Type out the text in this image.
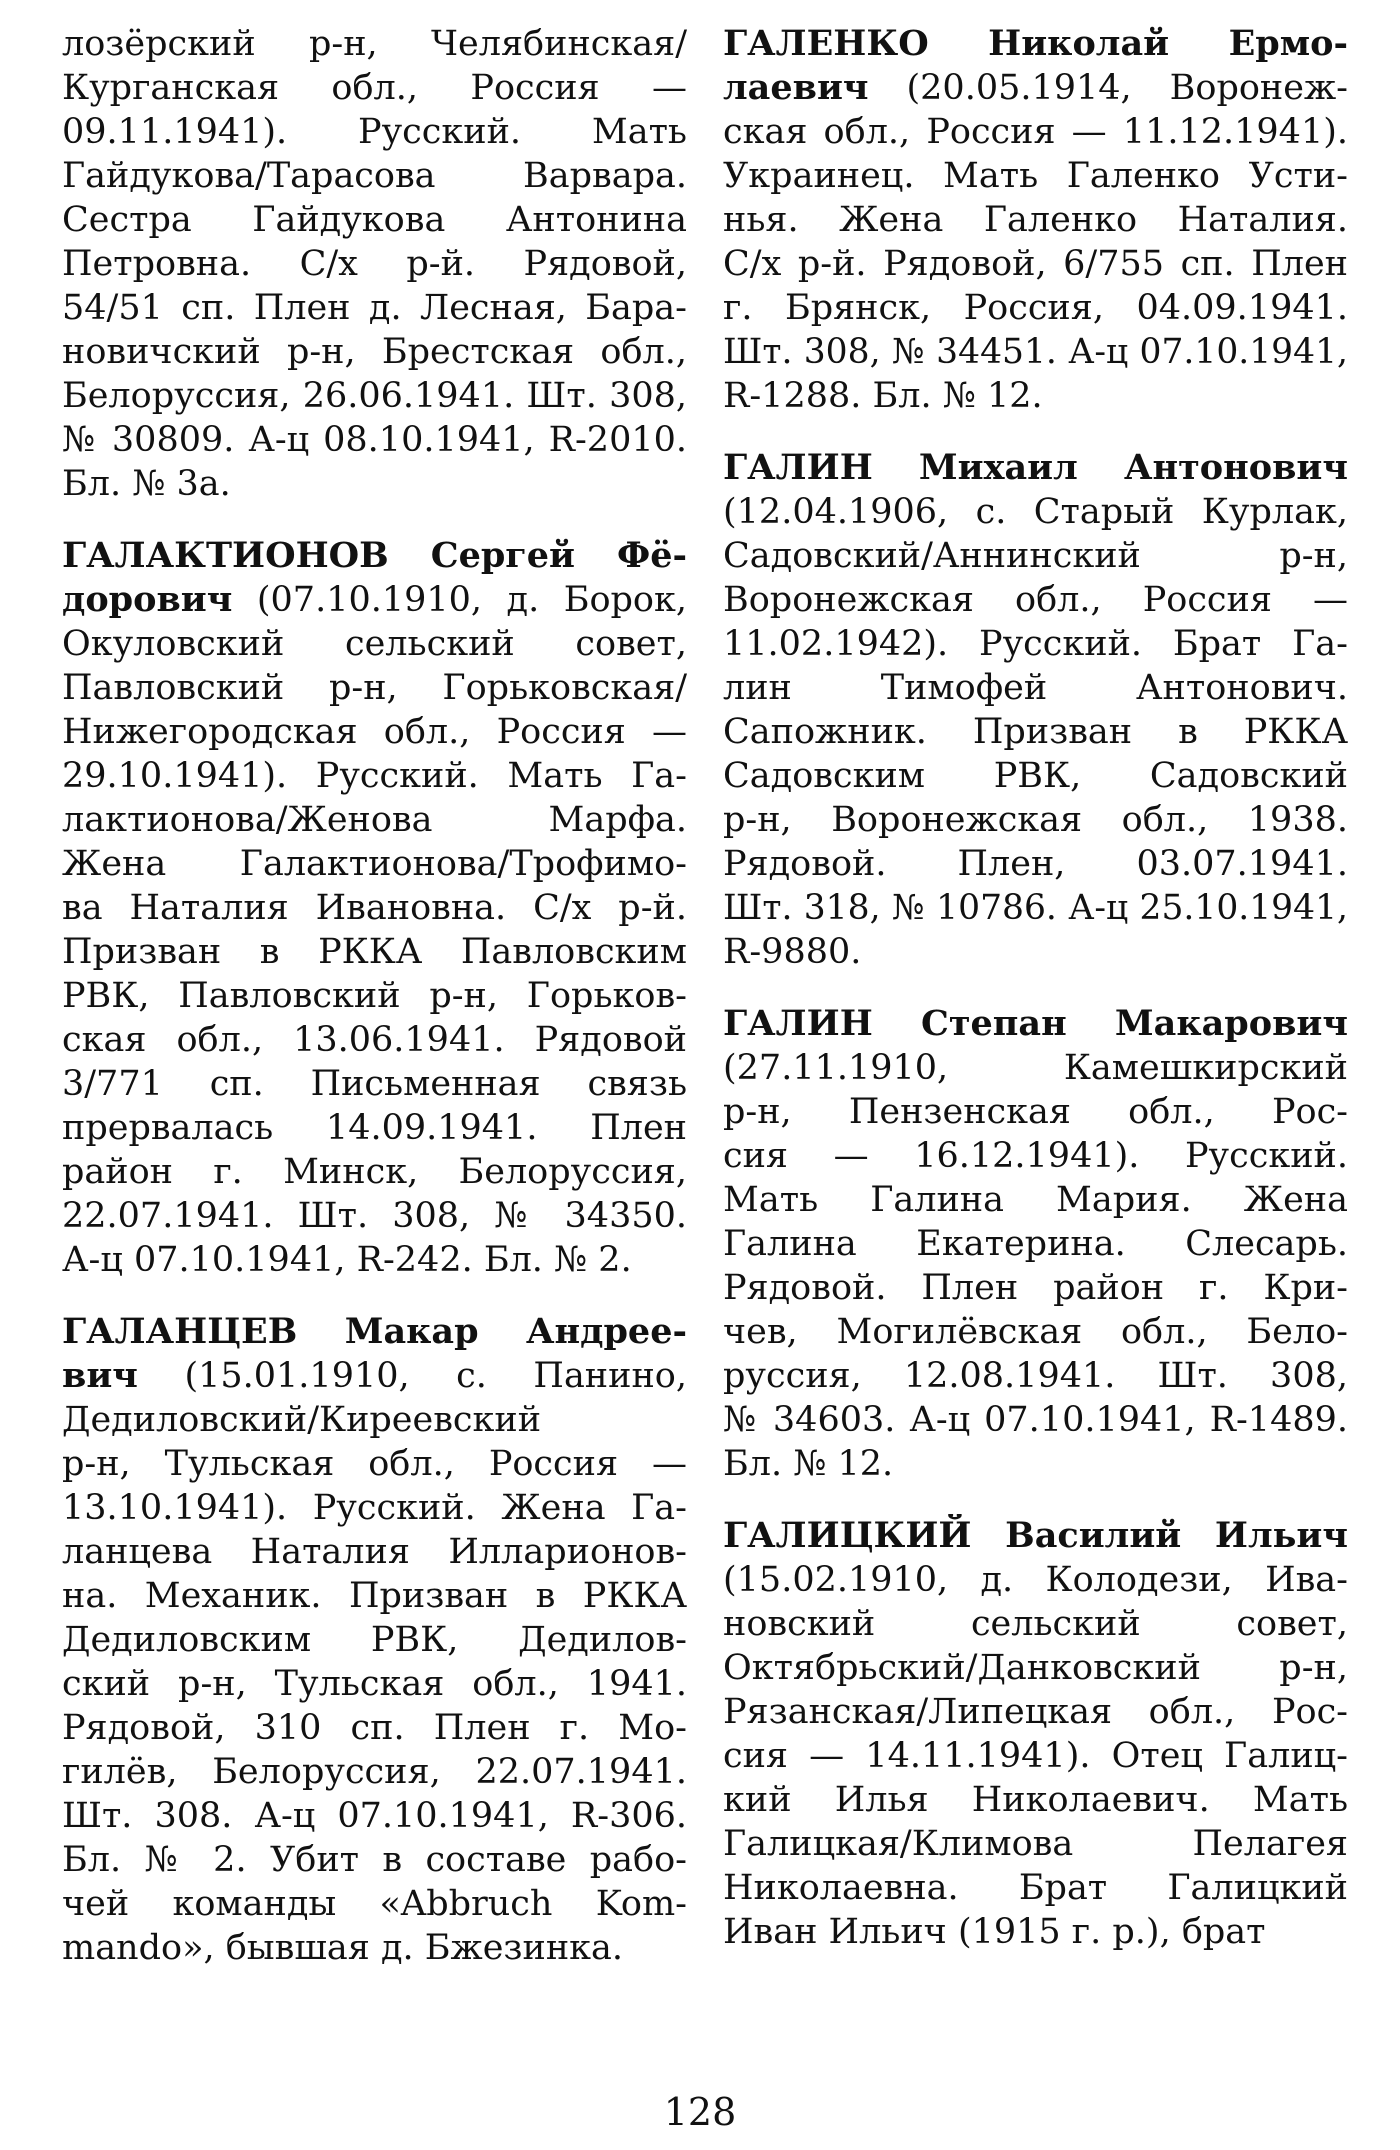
лозёрский р-н, Челябинская/
Курганская обл., Россия —
09.11.1941). Русский. Мать
Гайдукова/Тарасова Варвара.
Сестра Гайдукова Антонина
Петровна. С/х р-й. Рядовой,
54/51 сп. Плен д. Лесная, Бара-
новичский р-н, Брестская обл.,
Белоруссия, 26.06.1941. Шт. 308,
№ 30809. А-ц 08.10.1941, R-2010.
Бл. № 3а.
ГАЛАКТИОНОВ Сергей Фё-
дорович (07.10.1910, д. Борок,
Окуловский сельский совет,
Павловский р-н, Горьковская/
Нижегородская обл., Россия —
29.10.1941). Русский. Мать Га-
лактионова/Женова Марфа.
Жена Галактионова/Трофимо-
ва Наталия Ивановна. С/х р-й.
Призван в РККА Павловским
РВК, Павловский р-н, Горьков-
ская обл., 13.06.1941. Рядовой
3/771 сп. Письменная связь
прервалась 14.09.1941. Плен
район г. Минск, Белоруссия,
22.07.1941. Шт. 308, № 34350.
А-ц 07.10.1941, R-242. Бл. № 2.
ГАЛАНЦЕВ Макар Андрее-
вич (15.01.1910, с. Панино,
Дедиловский/Киреевский
р-н, Тульская обл., Россия —
13.10.1941). Русский. Жена Га-
ланцева Наталия Илларионов-
на. Механик. Призван в РККА
Дедиловским РВК, Дедилов-
ский р-н, Тульская обл., 1941.
Рядовой, 310 сп. Плен г. Мо-
гилёв, Белоруссия, 22.07.1941.
Шт. 308. А-ц 07.10.1941, R-306.
Бл. № 2. Убит в составе рабо-
чей команды «Abbruch Kom-
mando», бывшая д. Бжезинка.
ГАЛЕНКО Николай Ермо-
лаевич (20.05.1914, Воронеж-
ская обл., Россия — 11.12.1941).
Украинец. Мать Галенко Усти-
нья. Жена Галенко Наталия.
С/х р-й. Рядовой, 6/755 сп. Плен
г. Брянск, Россия, 04.09.1941.
Шт. 308, № 34451. А-ц 07.10.1941,
R-1288. Бл. № 12.
ГАЛИН Михаил Антонович
(12.04.1906, с. Старый Курлак,
Садовский/Аннинский р-н,
Воронежская обл., Россия —
11.02.1942). Русский. Брат Га-
лин Тимофей Антонович.
Сапожник. Призван в РККА
Садовским РВК, Садовский
р-н, Воронежская обл., 1938.
Рядовой. Плен, 03.07.1941.
Шт. 318, № 10786. А-ц 25.10.1941,
R-9880.
ГАЛИН Степан Макарович
(27.11.1910, Камешкирский
р-н, Пензенская обл., Рос-
сия — 16.12.1941). Русский.
Мать Галина Мария. Жена
Галина Екатерина. Слесарь.
Рядовой. Плен район г. Кри-
чев, Могилёвская обл., Бело-
руссия, 12.08.1941. Шт. 308,
№ 34603. А-ц 07.10.1941, R-1489.
Бл. № 12.
ГАЛИЦКИЙ Василий Ильич
(15.02.1910, д. Колодези, Ива-
новский сельский совет,
Октябрьский/Данковский р-н,
Рязанская/Липецкая обл., Рос-
сия — 14.11.1941). Отец Галиц-
кий Илья Николаевич. Мать
Галицкая/Климова Пелагея
Николаевна. Брат Галицкий
Иван Ильич (1915 г. р.), брат
128
